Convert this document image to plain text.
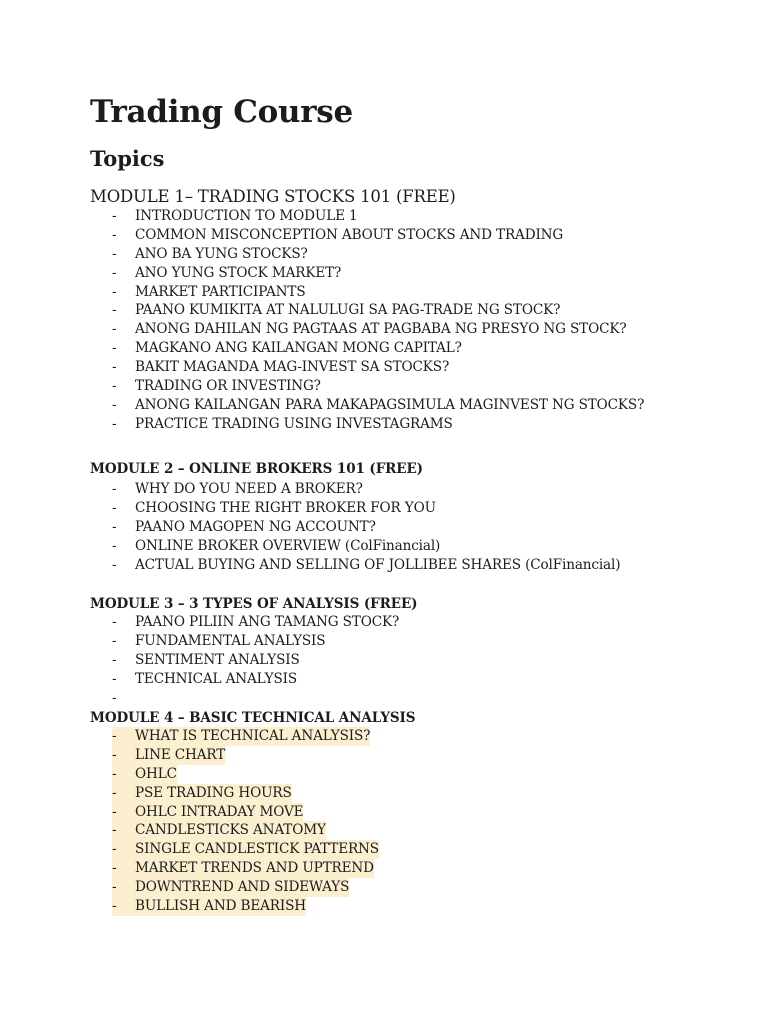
Trading Course
Topics
MODULE 1– TRADING STOCKS 101 (FREE)
- INTRODUCTION TO MODULE 1
- COMMON MISCONCEPTION ABOUT STOCKS AND TRADING
- ANO BA YUNG STOCKS?
- ANO YUNG STOCK MARKET?
- MARKET PARTICIPANTS
- PAANO KUMIKITA AT NALULUGI SA PAG-TRADE NG STOCK?
- ANONG DAHILAN NG PAGTAAS AT PAGBABA NG PRESYO NG STOCK?
- MAGKANO ANG KAILANGAN MONG CAPITAL?
- BAKIT MAGANDA MAG-INVEST SA STOCKS?
- TRADING OR INVESTING?
- ANONG KAILANGAN PARA MAKAPAGSIMULA MAGINVEST NG STOCKS?
- PRACTICE TRADING USING INVESTAGRAMS
MODULE 2 – ONLINE BROKERS 101 (FREE)
- WHY DO YOU NEED A BROKER?
- CHOOSING THE RIGHT BROKER FOR YOU
- PAANO MAGOPEN NG ACCOUNT?
- ONLINE BROKER OVERVIEW (ColFinancial)
- ACTUAL BUYING AND SELLING OF JOLLIBEE SHARES (ColFinancial)
MODULE 3 – 3 TYPES OF ANALYSIS (FREE)
- PAANO PILIIN ANG TAMANG STOCK?
- FUNDAMENTAL ANALYSIS
- SENTIMENT ANALYSIS
- TECHNICAL ANALYSIS
-
MODULE 4 – BASIC TECHNICAL ANALYSIS
- WHAT IS TECHNICAL ANALYSIS?
- LINE CHART
- OHLC
- PSE TRADING HOURS
- OHLC INTRADAY MOVE
- CANDLESTICKS ANATOMY
- SINGLE CANDLESTICK PATTERNS
- MARKET TRENDS AND UPTREND
- DOWNTREND AND SIDEWAYS
- BULLISH AND BEARISH
